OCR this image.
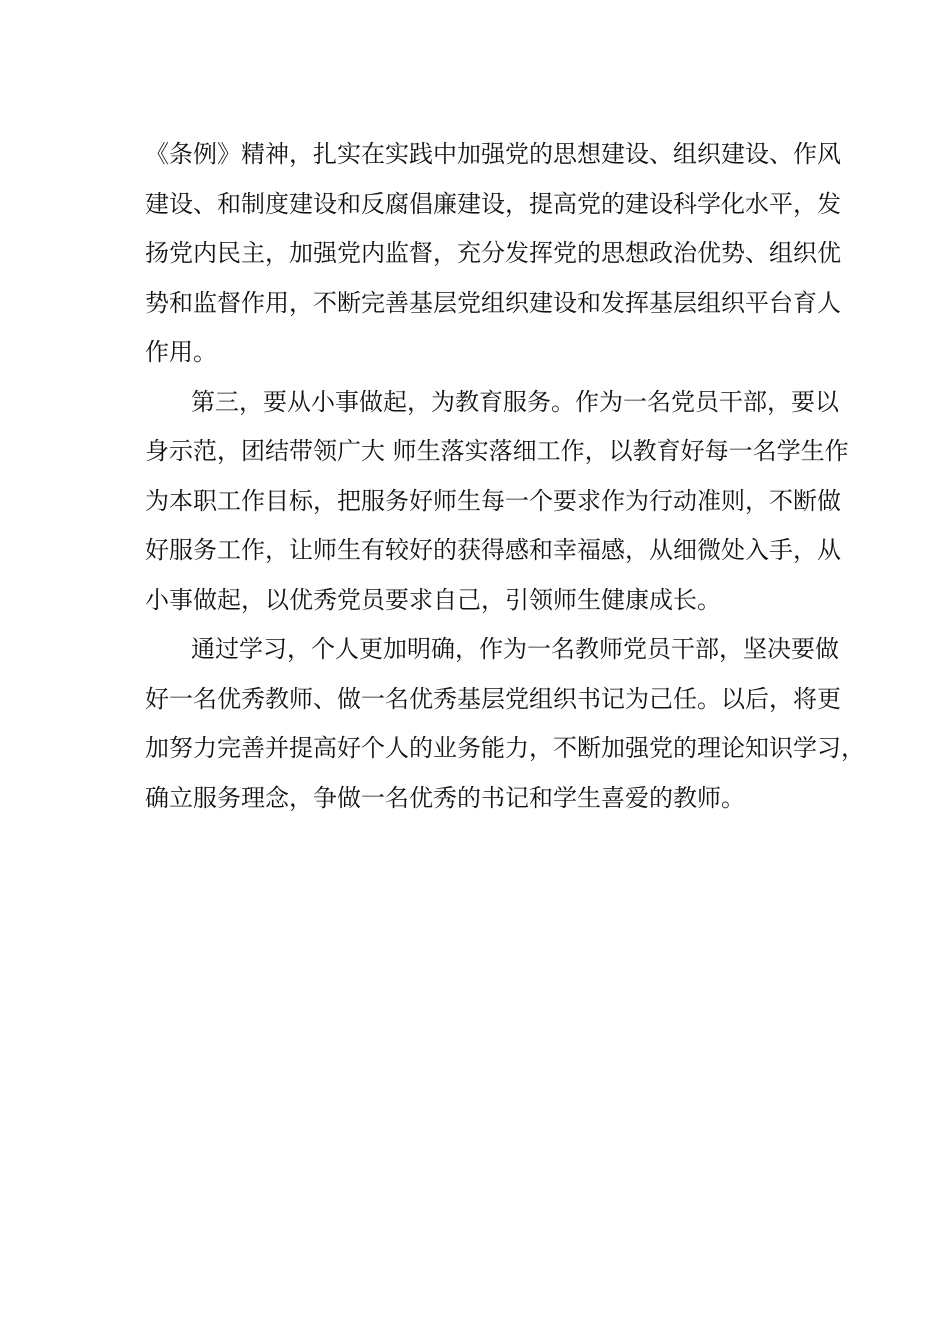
《条例》精神，扎实在实践中加强党的思想建设、组织建设、作风
建设、和制度建设和反腐倡廉建设，提高党的建设科学化水平，发
扬党内民主，加强党内监督，充分发挥党的思想政治优势、组织优
势和监督作用，不断完善基层党组织建设和发挥基层组织平台育人
作用。
第三，要从小事做起，为教育服务。作为一名党员干部，要以
身示范，团结带领广大 师生落实落细工作，以教育好每一名学生作
为本职工作目标，把服务好师生每一个要求作为行动准则，不断做
好服务工作，让师生有较好的获得感和幸福感，从细微处入手，从
小事做起，以优秀党员要求自己，引领师生健康成长。
通过学习，个人更加明确，作为一名教师党员干部，坚决要做
好一名优秀教师、做一名优秀基层党组织书记为己任。以后，将更
加努力完善并提高好个人的业务能力，不断加强党的理论知识学习，
确立服务理念，争做一名优秀的书记和学生喜爱的教师。
